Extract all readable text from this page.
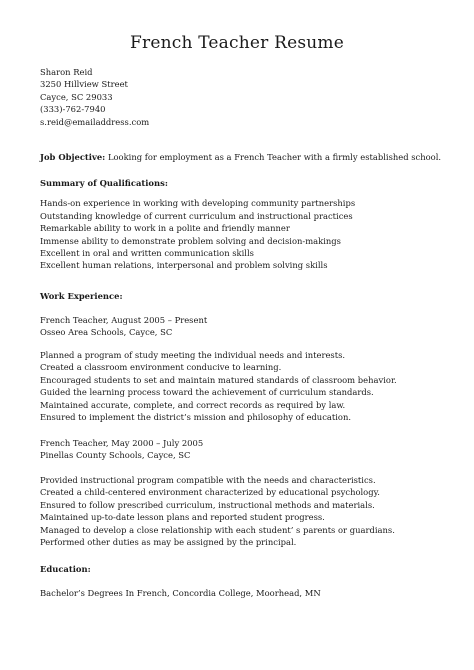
French Teacher Resume
Sharon Reid
3250 Hillview Street
Cayce, SC 29033
(333)-762-7940
s.reid@emailaddress.com
Job Objective: Looking for employment as a French Teacher with a firmly established school.
Summary of Qualifications:
Hands-on experience in working with developing community partnerships
Outstanding knowledge of current curriculum and instructional practices
Remarkable ability to work in a polite and friendly manner
Immense ability to demonstrate problem solving and decision-makings
Excellent in oral and written communication skills
Excellent human relations, interpersonal and problem solving skills
Work Experience:
French Teacher, August 2005 – Present
Osseo Area Schools, Cayce, SC
Planned a program of study meeting the individual needs and interests.
Created a classroom environment conducive to learning.
Encouraged students to set and maintain matured standards of classroom behavior.
Guided the learning process toward the achievement of curriculum standards.
Maintained accurate, complete, and correct records as required by law.
Ensured to implement the district’s mission and philosophy of education.
French Teacher, May 2000 – July 2005
Pinellas County Schools, Cayce, SC
Provided instructional program compatible with the needs and characteristics.
Created a child-centered environment characterized by educational psychology.
Ensured to follow prescribed curriculum, instructional methods and materials.
Maintained up-to-date lesson plans and reported student progress.
Managed to develop a close relationship with each student’ s parents or guardians.
Performed other duties as may be assigned by the principal.
Education:
Bachelor’s Degrees In French, Concordia College, Moorhead, MN
